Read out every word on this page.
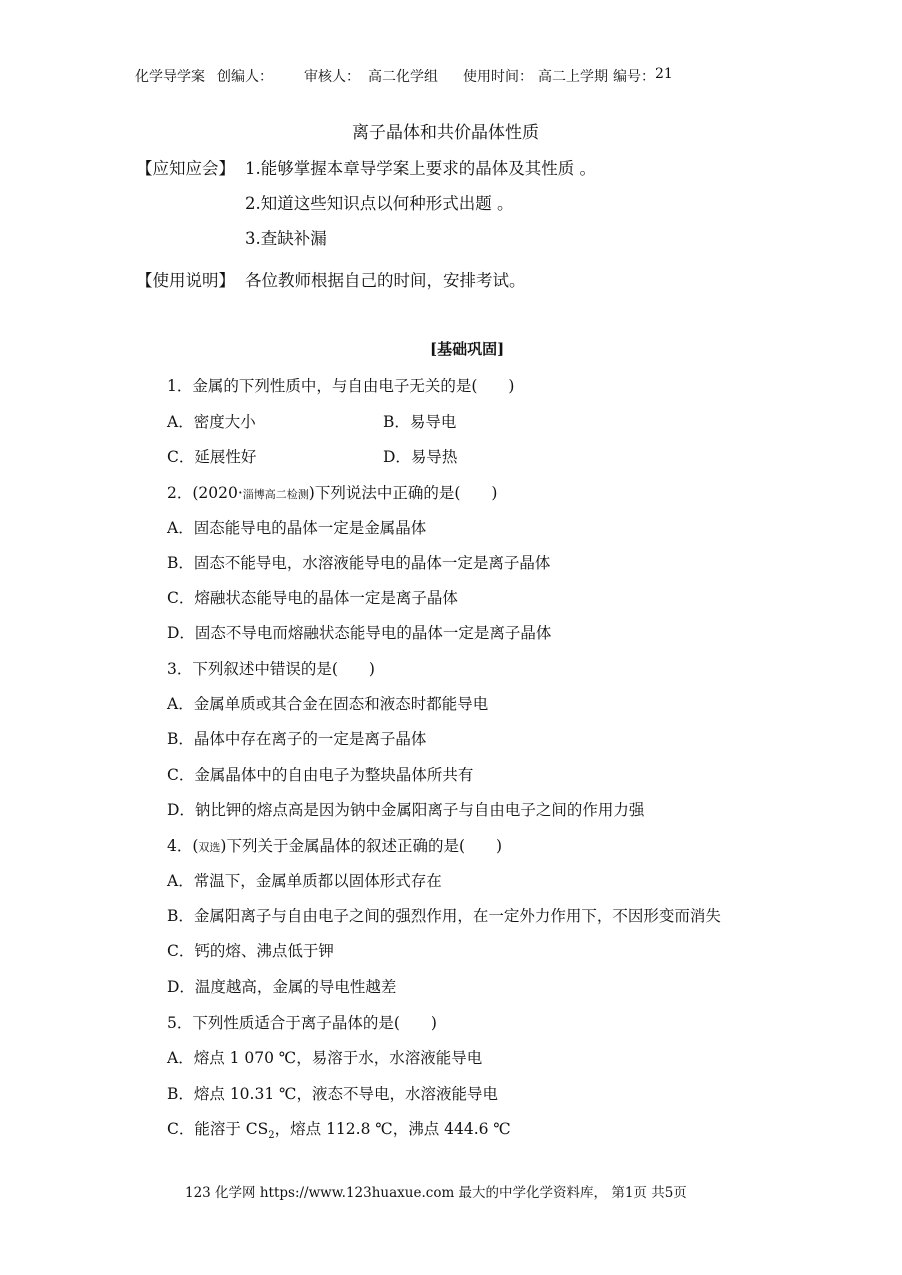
化学导学案 创编人： 审核人： 高二化学组 使用时间： 高二上学期 编号： 21
离子晶体和共价晶体性质
【应知应会】 1.能够掌握本章导学案上要求的晶体及其性质 。
2.知道这些知识点以何种形式出题 。
3.查缺补漏
【使用说明】 各位教师根据自己的时间，安排考试。
[基础巩固]
1．金属的下列性质中，与自由电子无关的是(　　)
A．密度大小	B．易导电
C．延展性好	D．易导热
2．(2020·淄博高二检测)下列说法中正确的是(　　)
A．固态能导电的晶体一定是金属晶体
B．固态不能导电，水溶液能导电的晶体一定是离子晶体
C．熔融状态能导电的晶体一定是离子晶体
D．固态不导电而熔融状态能导电的晶体一定是离子晶体
3．下列叙述中错误的是(　　)
A．金属单质或其合金在固态和液态时都能导电
B．晶体中存在离子的一定是离子晶体
C．金属晶体中的自由电子为整块晶体所共有
D．钠比钾的熔点高是因为钠中金属阳离子与自由电子之间的作用力强
4．(双选)下列关于金属晶体的叙述正确的是(　　)
A．常温下，金属单质都以固体形式存在
B．金属阳离子与自由电子之间的强烈作用，在一定外力作用下，不因形变而消失
C．钙的熔、沸点低于钾
D．温度越高，金属的导电性越差
5．下列性质适合于离子晶体的是(　　)
A．熔点 1 070 ℃，易溶于水，水溶液能导电
B．熔点 10.31 ℃，液态不导电，水溶液能导电
C．能溶于 $CS_2$，熔点 112.8 ℃，沸点 444.6 ℃
123 化学网 https://www.123huaxue.com 最大的中学化学资料库， 第1页 共5页
